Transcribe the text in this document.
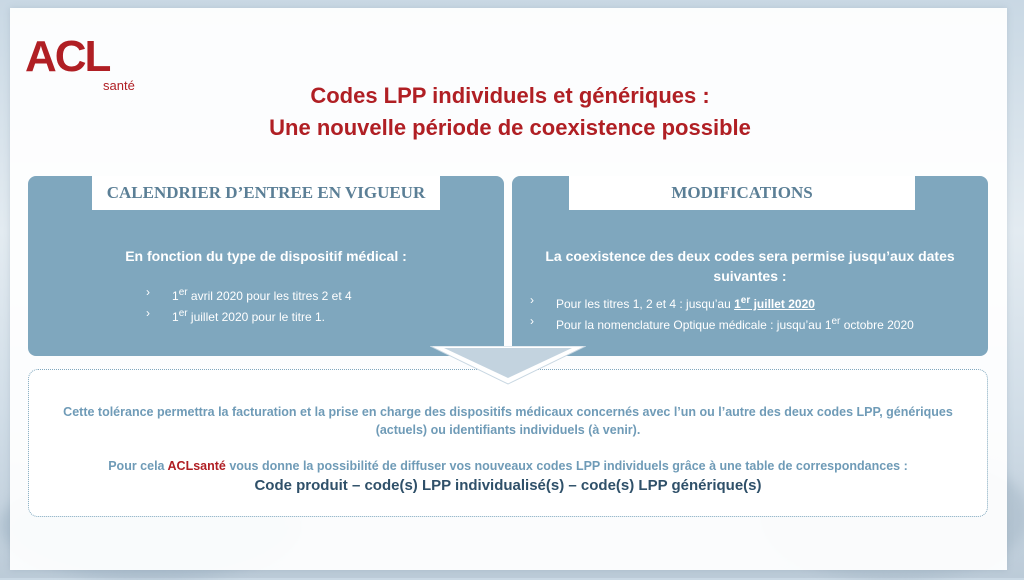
ACL
santé	Codes LPP individuels et génériques :
Une nouvelle période de coexistence possible
CALENDRIER D’ENTREE EN VIGUEUR
En fonction du type de dispositif médical :
› 1er avril 2020 pour les titres 2 et 4
› 1er juillet 2020 pour le titre 1.
MODIFICATIONS
La coexistence des deux codes sera permise jusqu’aux dates suivantes :
› Pour les titres 1, 2 et 4 : jusqu’au 1er juillet 2020
› Pour la nomenclature Optique médicale : jusqu’au 1er octobre 2020

Cette tolérance permettra la facturation et la prise en charge des dispositifs médicaux concernés avec l’un ou l’autre des deux codes LPP, génériques (actuels) ou identifiants individuels (à venir).

Pour cela ACLsanté vous donne la possibilité de diffuser vos nouveaux codes LPP individuels grâce à une table de correspondances :

Code produit – code(s) LPP individualisé(s) – code(s) LPP générique(s)
